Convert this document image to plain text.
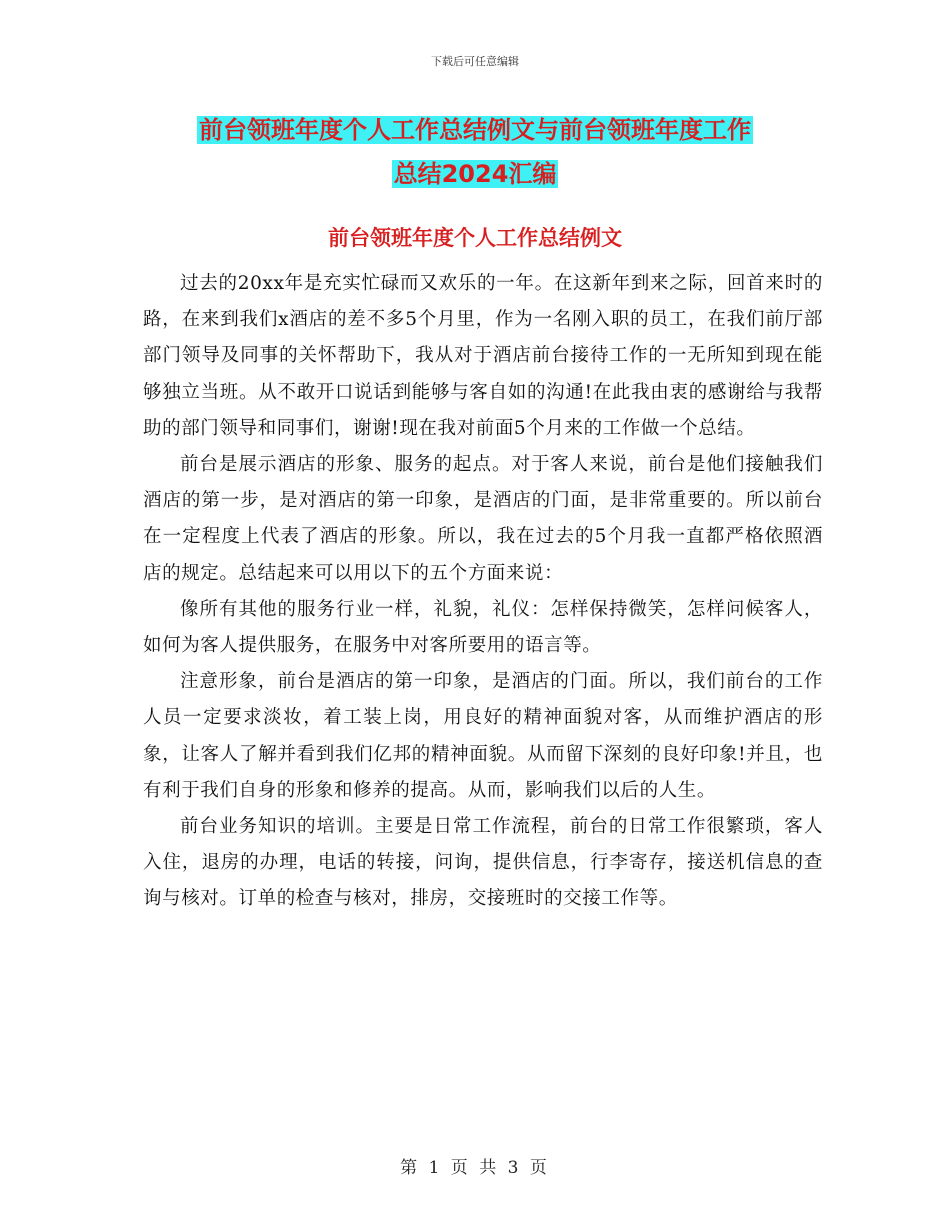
下载后可任意编辑
前台领班年度个人工作总结例文与前台领班年度工作
总结2024汇编
前台领班年度个人工作总结例文

过去的20xx年是充实忙碌而又欢乐的一年。在这新年到来之际，回首来时的路，在来到我们x酒店的差不多5个月里，作为一名刚入职的员工，在我们前厅部部门领导及同事的关怀帮助下，我从对于酒店前台接待工作的一无所知到现在能够独立当班。从不敢开口说话到能够与客自如的沟通!在此我由衷的感谢给与我帮助的部门领导和同事们，谢谢!现在我对前面5个月来的工作做一个总结。

前台是展示酒店的形象、服务的起点。对于客人来说，前台是他们接触我们酒店的第一步，是对酒店的第一印象，是酒店的门面，是非常重要的。所以前台在一定程度上代表了酒店的形象。所以，我在过去的5个月我一直都严格依照酒店的规定。总结起来可以用以下的五个方面来说：

像所有其他的服务行业一样，礼貌，礼仪：怎样保持微笑，怎样问候客人，如何为客人提供服务，在服务中对客所要用的语言等。

注意形象，前台是酒店的第一印象，是酒店的门面。所以，我们前台的工作人员一定要求淡妆，着工装上岗，用良好的精神面貌对客，从而维护酒店的形象，让客人了解并看到我们亿邦的精神面貌。从而留下深刻的良好印象!并且，也有利于我们自身的形象和修养的提高。从而，影响我们以后的人生。

前台业务知识的培训。主要是日常工作流程，前台的日常工作很繁琐，客人入住，退房的办理，电话的转接，问询，提供信息，行李寄存，接送机信息的查询与核对。订单的检查与核对，排房，交接班时的交接工作等。

第 1 页 共 3 页
